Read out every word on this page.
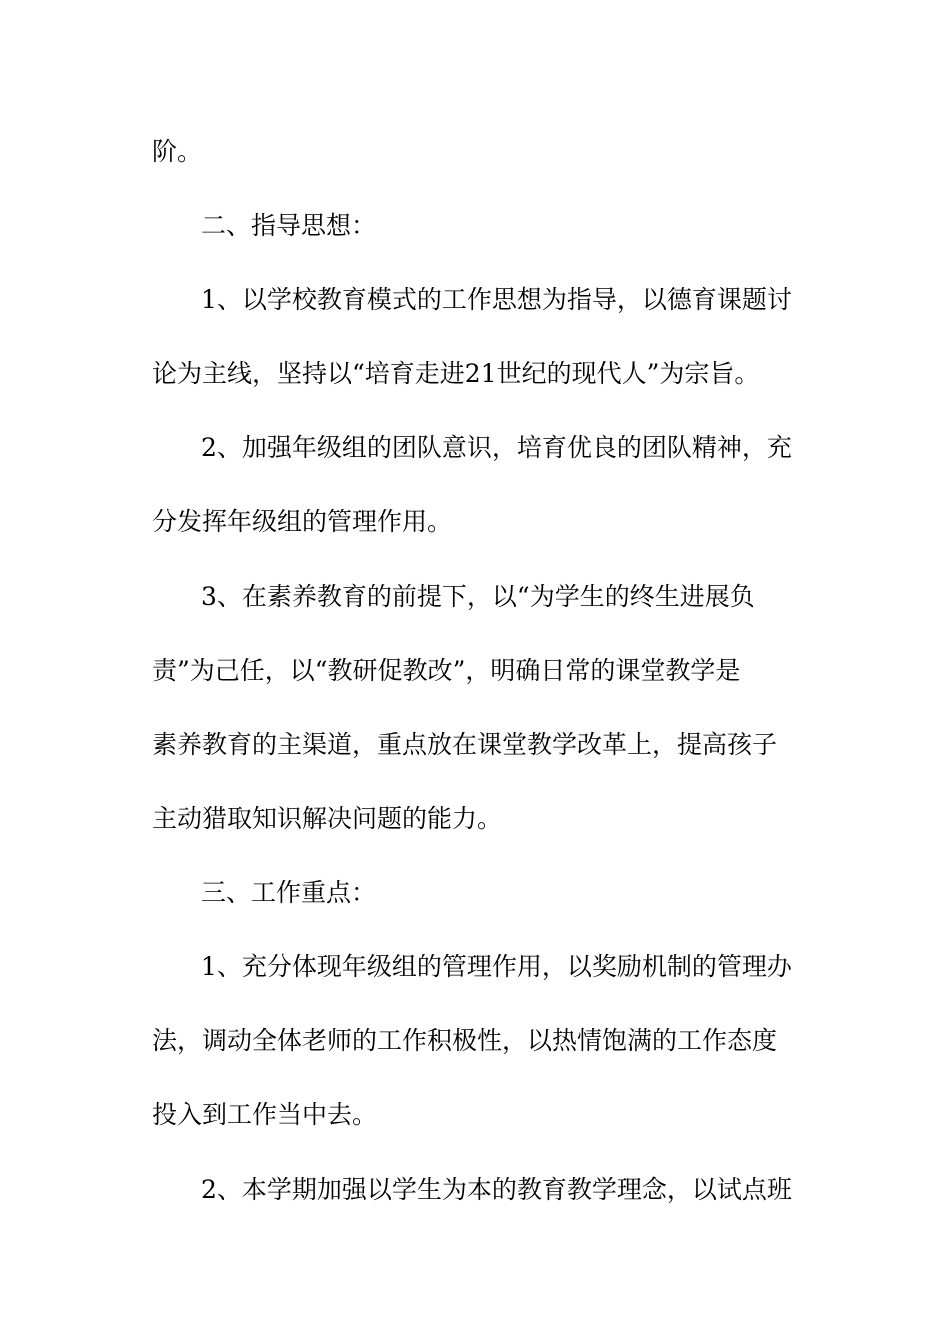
阶。
二、指导思想：
1、以学校教育模式的工作思想为指导，以德育课题讨
论为主线，坚持以“培育走进21世纪的现代人”为宗旨。
2、加强年级组的团队意识，培育优良的团队精神，充
分发挥年级组的管理作用。
3、在素养教育的前提下，以“为学生的终生进展负
责”为己任，以“教研促教改”，明确日常的课堂教学是
素养教育的主渠道，重点放在课堂教学改革上，提高孩子
主动猎取知识解决问题的能力。
三、工作重点：
1、充分体现年级组的管理作用，以奖励机制的管理办
法，调动全体老师的工作积极性，以热情饱满的工作态度
投入到工作当中去。
2、本学期加强以学生为本的教育教学理念，以试点班
